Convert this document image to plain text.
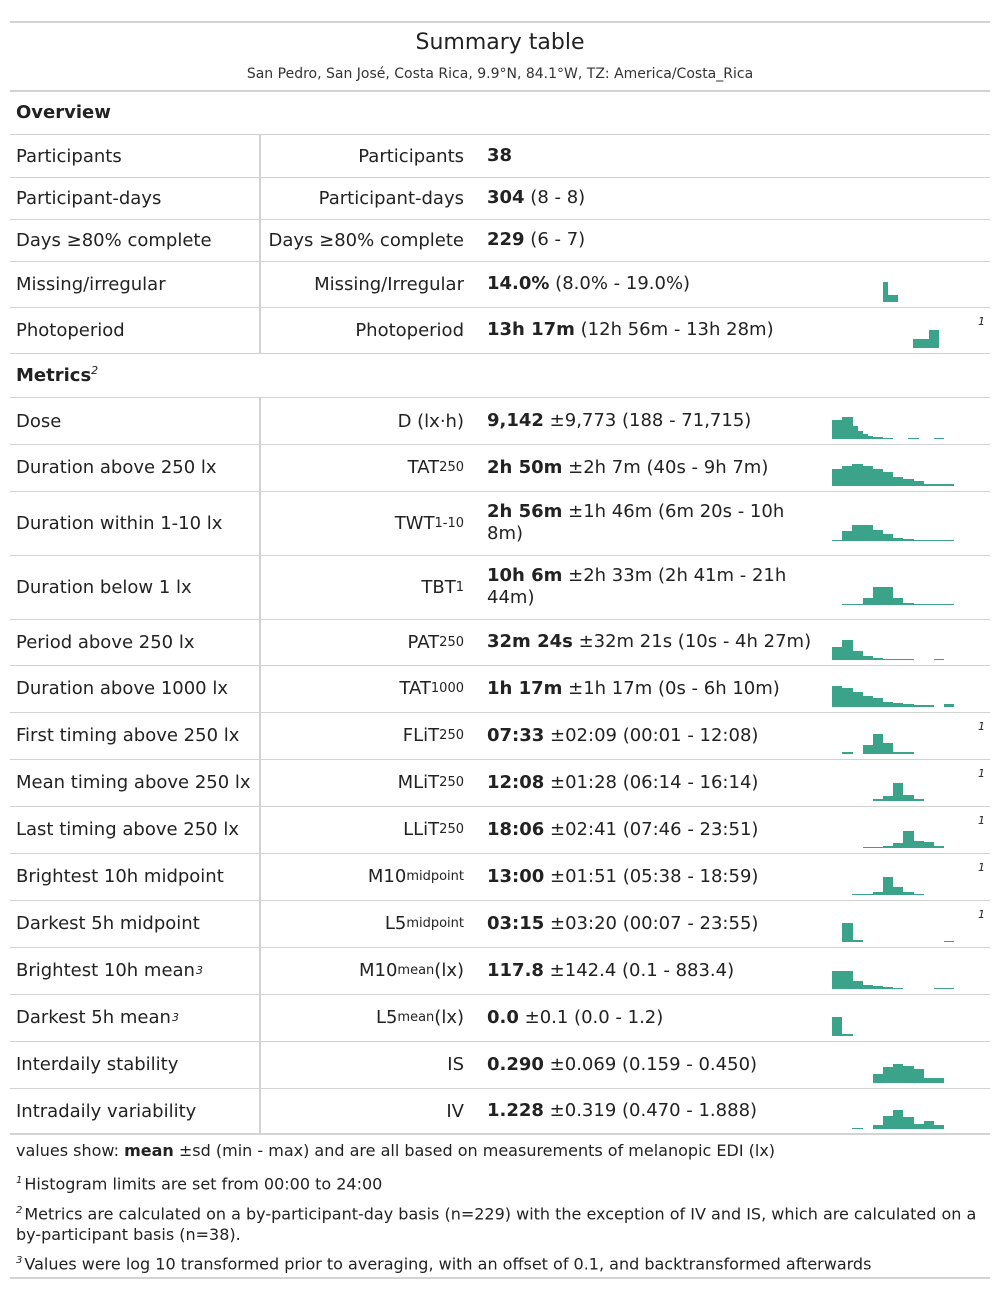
Summary table
San Pedro, San José, Costa Rica, 9.9°N, 84.1°W, TZ: America/Costa_Rica
Overview
Participants	Participants 38
Participant-days	Participant-days 304 (8 - 8)
Days ≥80% complete	Days ≥80% complete 229 (6 - 7)
Missing/irregular	Missing/Irregular 14.0% (8.0% - 19.0%)
Photoperiod	Photoperiod 13h 17m (12h 56m - 13h 28m)	1
Metrics$^2$
Dose	D (lx·h) 9,142 ±9,773 (188 - 71,715)
Duration above 250 lx	TAT 250 2h 50m ±2h 7m (40s - 9h 7m)
Duration within 1-10 lx	TWT 1-10
2h 56m ±1h 46m (6m 20s - 10h 8m)
Duration below 1 lx	TBT 1
10h 6m ±2h 33m (2h 41m - 21h 44m)
Period above 250 lx	PAT 250 32m 24s ±32m 21s (10s - 4h 27m)
Duration above 1000 lx	TAT 1000 1h 17m ±1h 17m (0s - 6h 10m)
First timing above 250 lx	FLiT 250 07:33 ±02:09 (00:01 - 12:08)	1
Mean timing above 250 lx	MLiT 250 12:08 ±01:28 (06:14 - 16:14)	1
Last timing above 250 lx	LLiT 250 18:06 ±02:41 (07:46 - 23:51)	1
Brightest 10h midpoint	M10 midpoint 13:00 ±01:51 (05:38 - 18:59)	1
Darkest 5h midpoint	L5 midpoint 03:15 ±03:20 (00:07 - 23:55)	1
Brightest 10h mean 3	M10 mean (lx) 117.8 ±142.4 (0.1 - 883.4)
Darkest 5h mean 3	L5 mean (lx) 0.0 ±0.1 (0.0 - 1.2)
Interdaily stability	IS 0.290 ±0.069 (0.159 - 0.450)
Intradaily variability	IV 1.228 ±0.319 (0.470 - 1.888)
values show: mean ±sd (min - max) and are all based on measurements of melanopic EDI (lx)
$^1$ Histogram limits are set from 00:00 to 24:00
$^2$ Metrics are calculated on a by-participant-day basis (n=229) with the exception of IV and IS, which are calculated on a by-participant basis (n=38).
$^3$ Values were log 10 transformed prior to averaging, with an offset of 0.1, and backtransformed afterwards
